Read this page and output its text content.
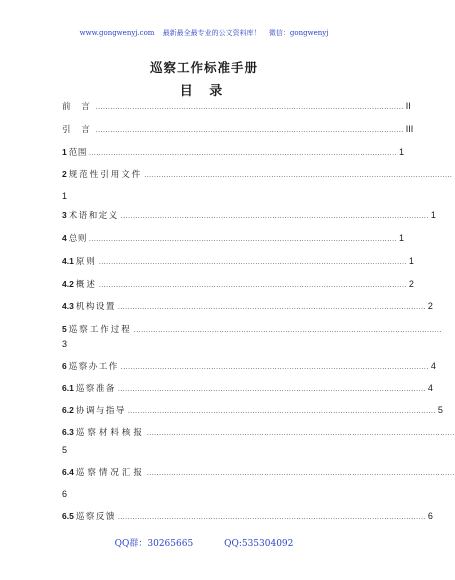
www.gongwenyj.com 最新最全最专业的公文资料库！ 微信：gongwenyj
巡察工作标准手册
目 录
前 言 .............................................................................................................................. II
引 言 .............................................................................................................................. III
1 范围 .............................................................................................................................. 1
2 规范性引用文件 ..............................................................................................................................
1
3 术语和定义 .............................................................................................................................. 1
4 总则 .............................................................................................................................. 1
4.1 原则 .............................................................................................................................. 1
4.2 概述 .............................................................................................................................. 2
4.3 机构设置 .............................................................................................................................. 2
5 巡察工作过程 ..............................................................................................................................
3
6 巡察办工作 .............................................................................................................................. 4
6.1 巡察准备 .............................................................................................................................. 4
6.2 协调与指导 .............................................................................................................................. 5
6.3 巡察材料核报 ..............................................................................................................................
5
6.4 巡察情况汇报 ..............................................................................................................................
6
6.5 巡察反馈 .............................................................................................................................. 6
QQ群：30265665	QQ:535304092
